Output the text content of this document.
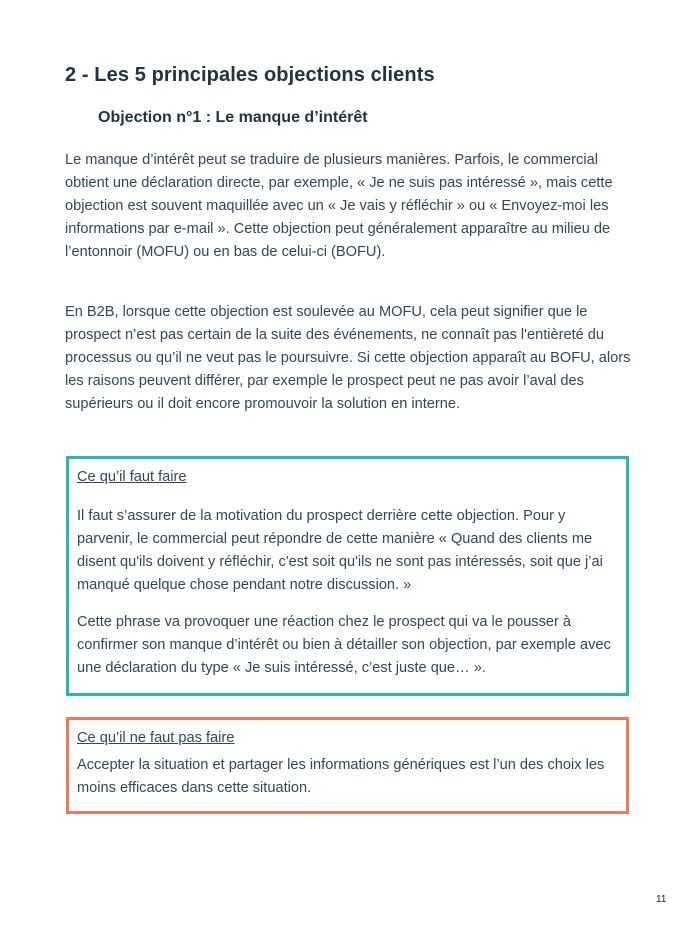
2 - Les 5 principales objections clients
Objection n°1 : Le manque d’intérêt

Le manque d’intérêt peut se traduire de plusieurs manières. Parfois, le commercial obtient une déclaration directe, par exemple, « Je ne suis pas intéressé », mais cette objection est souvent maquillée avec un « Je vais y réfléchir » ou « Envoyez-moi les informations par e-mail ». Cette objection peut généralement apparaître au milieu de l’entonnoir (MOFU) ou en bas de celui-ci (BOFU).

En B2B, lorsque cette objection est soulevée au MOFU, cela peut signifier que le prospect n’est pas certain de la suite des événements, ne connaît pas l'entièreté du processus ou qu’il ne veut pas le poursuivre. Si cette objection apparaît au BOFU, alors les raisons peuvent différer, par exemple le prospect peut ne pas avoir l’aval des supérieurs ou il doit encore promouvoir la solution en interne.

Ce qu’il faut faire

Il faut s’assurer de la motivation du prospect derrière cette objection. Pour y parvenir, le commercial peut répondre de cette manière « Quand des clients me disent qu'ils doivent y réfléchir, c'est soit qu'ils ne sont pas intéressés, soit que j’ai manqué quelque chose pendant notre discussion. »

Cette phrase va provoquer une réaction chez le prospect qui va le pousser à confirmer son manque d’intérêt ou bien à détailler son objection, par exemple avec une déclaration du type « Je suis intéressé, c’est juste que… ».

Ce qu’il ne faut pas faire

Accepter la situation et partager les informations génériques est l’un des choix les moins efficaces dans cette situation.

11
